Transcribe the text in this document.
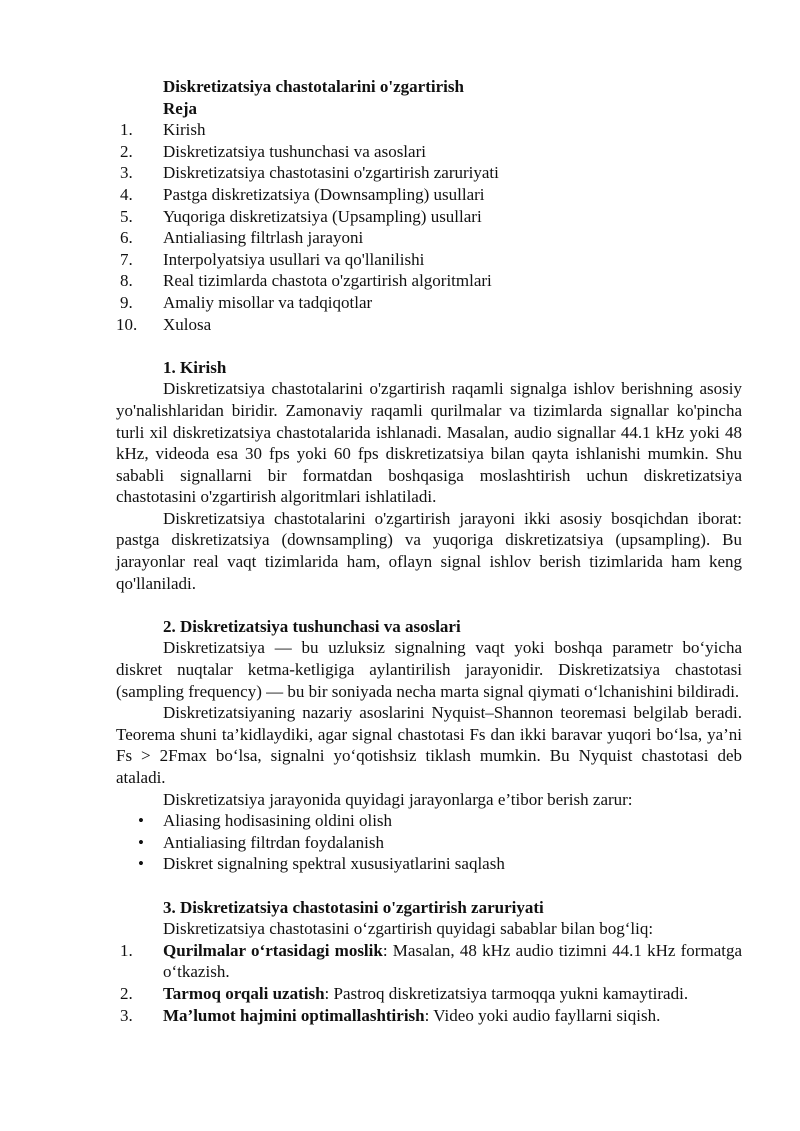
Diskretizatsiya chastotalarini o'zgartirish
Reja
1.	Kirish
2.	Diskretizatsiya tushunchasi va asoslari
3.	Diskretizatsiya chastotasini o'zgartirish zaruriyati
4.	Pastga diskretizatsiya (Downsampling) usullari
5.	Yuqoriga diskretizatsiya (Upsampling) usullari
6.	Antialiasing filtrlash jarayoni
7.	Interpolyatsiya usullari va qo'llanilishi
8.	Real tizimlarda chastota o'zgartirish algoritmlari
9.	Amaliy misollar va tadqiqotlar
10.	Xulosa
1. Kirish

Diskretizatsiya chastotalarini o'zgartirish raqamli signalga ishlov berishning asosiy yo'nalishlaridan biridir. Zamonaviy raqamli qurilmalar va tizimlarda signallar ko'pincha turli xil diskretizatsiya chastotalarida ishlanadi. Masalan, audio signallar 44.1 kHz yoki 48 kHz, videoda esa 30 fps yoki 60 fps diskretizatsiya bilan qayta ishlanishi mumkin. Shu sababli signallarni bir formatdan boshqasiga moslashtirish uchun diskretizatsiya chastotasini o'zgartirish algoritmlari ishlatiladi.

Diskretizatsiya chastotalarini o'zgartirish jarayoni ikki asosiy bosqichdan iborat: pastga diskretizatsiya (downsampling) va yuqoriga diskretizatsiya (upsampling). Bu jarayonlar real vaqt tizimlarida ham, oflayn signal ishlov berish tizimlarida ham keng qo'llaniladi.

2. Diskretizatsiya tushunchasi va asoslari

Diskretizatsiya — bu uzluksiz signalning vaqt yoki boshqa parametr bo‘yicha diskret nuqtalar ketma-ketligiga aylantirilish jarayonidir. Diskretizatsiya chastotasi (sampling frequency) — bu bir soniyada necha marta signal qiymati o‘lchanishini bildiradi.

Diskretizatsiyaning nazariy asoslarini Nyquist–Shannon teoremasi belgilab beradi. Teorema shuni ta’kidlaydiki, agar signal chastotasi Fs dan ikki baravar yuqori bo‘lsa, ya’ni Fs > 2Fmax bo‘lsa, signalni yo‘qotishsiz tiklash mumkin. Bu Nyquist chastotasi deb ataladi.

Diskretizatsiya jarayonida quyidagi jarayonlarga e’tibor berish zarur:

•	Aliasing hodisasining oldini olish
•	Antialiasing filtrdan foydalanish
•	Diskret signalning spektral xususiyatlarini saqlash
3. Diskretizatsiya chastotasini o'zgartirish zaruriyati

Diskretizatsiya chastotasini o‘zgartirish quyidagi sabablar bilan bog‘liq:

1.	Qurilmalar o‘rtasidagi moslik: Masalan, 48 kHz audio tizimni 44.1 kHz formatga o‘tkazish.
2.	Tarmoq orqali uzatish: Pastroq diskretizatsiya tarmoqqa yukni kamaytiradi.
3.	Ma’lumot hajmini optimallashtirish: Video yoki audio fayllarni siqish.
